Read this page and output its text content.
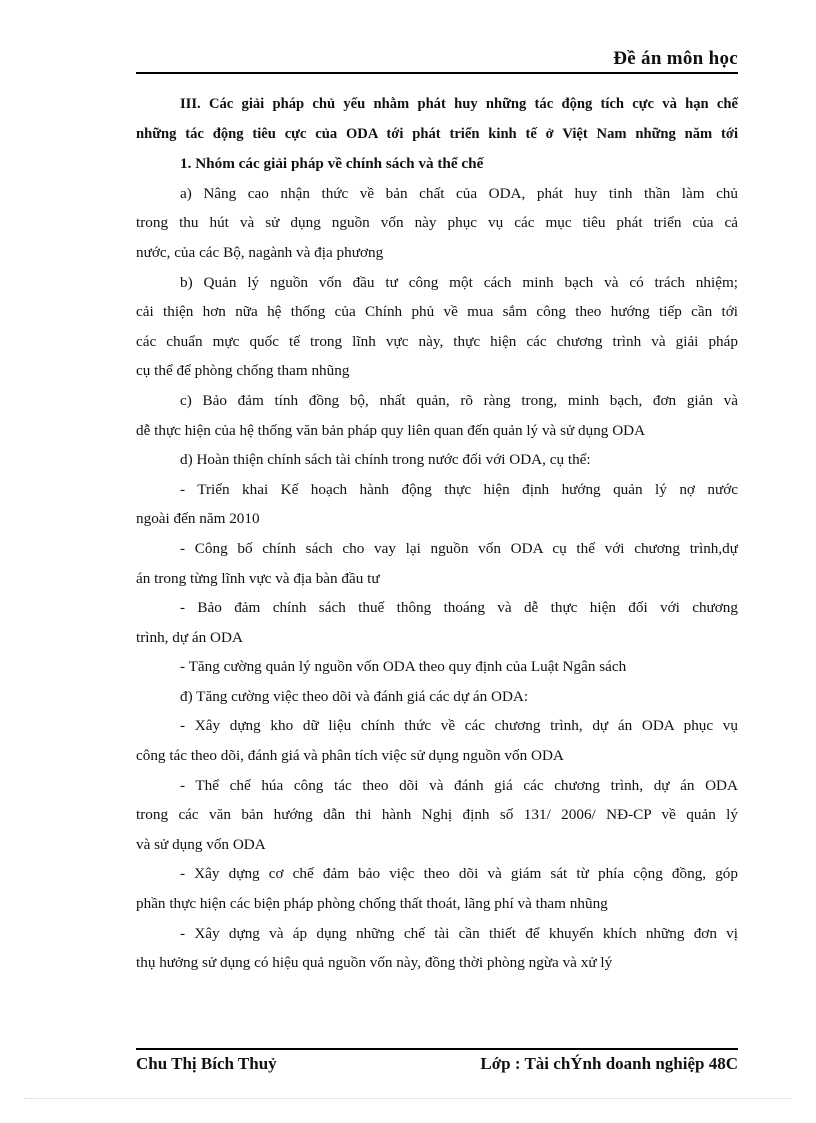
Đề án môn học
III. Các giải pháp chủ yếu nhằm phát huy những tác động tích cực và hạn chế
những tác động tiêu cực của ODA tới phát triển kinh tế ở Việt Nam những năm tới
1. Nhóm các giải pháp về chính sách và thể chế
a) Nâng cao nhận thức về bản chất của ODA, phát huy tinh thần làm chủ
trong thu hút và sử dụng nguồn vốn này phục vụ các mục tiêu phát triển của cả
nước, của các Bộ, nagành và địa phương
b) Quản lý nguồn vốn đầu tư công một cách minh bạch và có trách nhiệm;
cải thiện hơn nữa hệ thống của Chính phủ về mua sắm công theo hướng tiếp cần tới
các chuẩn mực quốc tế trong lĩnh vực này, thực hiện các chương trình và giải pháp
cụ thể để phòng chống tham nhũng
c) Bảo đảm tính đồng bộ, nhất quản, rõ ràng trong, minh bạch, đơn giản và
dễ thực hiện của hệ thống văn bản pháp quy liên quan đến quản lý và sử dụng ODA
d) Hoàn thiện chính sách tài chính trong nước đối với ODA, cụ thể:
- Triển khai Kế hoạch hành động thực hiện định hướng quản lý nợ nước
ngoài đến năm 2010
- Công bố chính sách cho vay lại nguồn vốn ODA cụ thể với chương trình,dự
án trong từng lĩnh vực và địa bàn đầu tư
- Bảo đảm chính sách thuế thông thoáng và dễ thực hiện đối với chương
trình, dự án ODA
- Tăng cường quản lý nguồn vốn ODA theo quy định của Luật Ngân sách
đ) Tăng cường việc theo dõi và đánh giá các dự án ODA:
- Xây dựng kho dữ liệu chính thức về các chương trình, dự án ODA phục vụ
công tác theo dõi, đánh giá và phân tích việc sử dụng nguồn vốn ODA
- Thể chế húa công tác theo dõi và đánh giá các chương trình, dự án ODA
trong các văn bản hướng dẫn thi hành Nghị định số 131/ 2006/ NĐ-CP về quản lý
và sử dụng vốn ODA
- Xây dựng cơ chế đảm bảo việc theo dõi và giám sát từ phía cộng đồng, góp
phần thực hiện các biện pháp phòng chống thất thoát, lãng phí và tham nhũng
- Xây dựng và áp dụng những chế tài cần thiết để khuyến khích những đơn vị
thụ hưởng sử dụng có hiệu quả nguồn vốn này, đồng thời phòng ngừa và xử lý
Chu Thị Bích Thuỷ	Lớp : Tài chÝnh doanh nghiệp 48C
